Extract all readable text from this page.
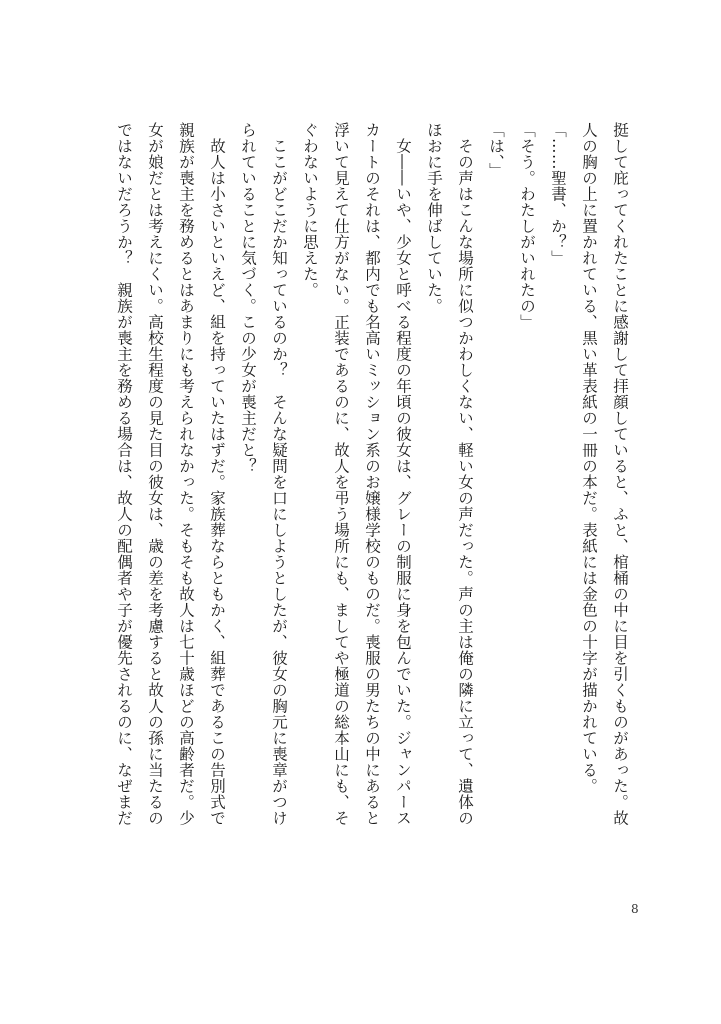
挺して庇ってくれたことに感謝して拝顔していると、ふと、棺桶の中に目を引くものがあった。故

人の胸の上に置かれている、黒い革表紙の一冊の本だ。表紙には金色の十字が描かれている。

「……聖書、か？」

「そう。わたしがいれたの」

「は、」

　その声はこんな場所に似つかわしくない、軽い女の声だった。声の主は俺の隣に立って、遺体の

ほおに手を伸ばしていた。

　女――いや、少女と呼べる程度の年頃の彼女は、グレーの制服に身を包んでいた。ジャンパース

カートのそれは、都内でも名高いミッション系のお嬢様学校のものだ。喪服の男たちの中にあると

浮いて見えて仕方がない。正装であるのに、故人を弔う場所にも、ましてや極道の総本山にも、そ

ぐわないように思えた。

　ここがどこだか知っているのか？　そんな疑問を口にしようとしたが、彼女の胸元に喪章がつけ

られていることに気づく。この少女が喪主だと？

　故人は小さいといえど、組を持っていたはずだ。家族葬ならともかく、組葬であるこの告別式で

親族が喪主を務めるとはあまりにも考えられなかった。そもそも故人は七十歳ほどの高齢者だ。少

女が娘だとは考えにくい。高校生程度の見た目の彼女は、歳の差を考慮すると故人の孫に当たるの

ではないだろうか？　親族が喪主を務める場合は、故人の配偶者や子が優先されるのに、なぜまだ

8
